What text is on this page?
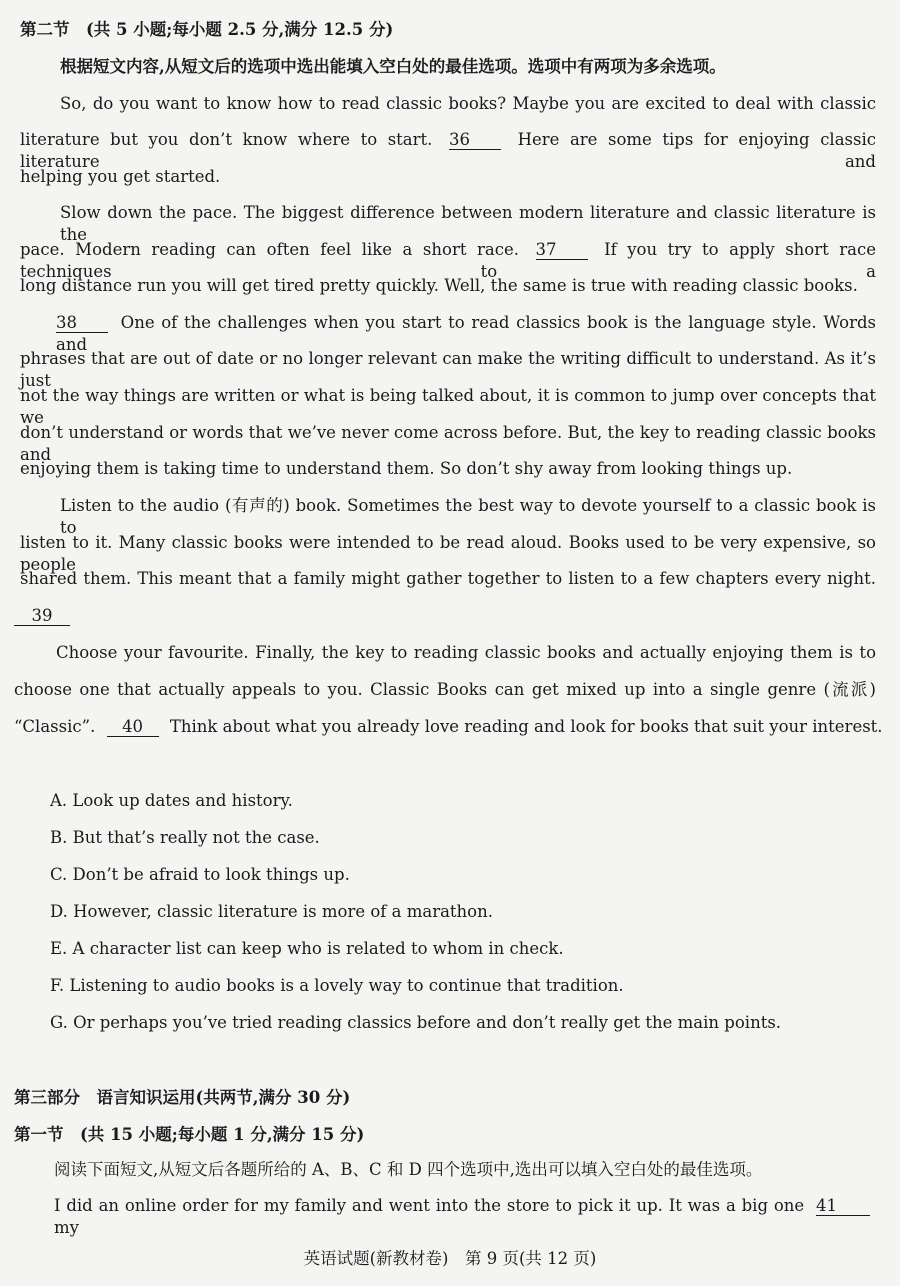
第二节　(共 5 小题;每小题 2.5 分,满分 12.5 分)
根据短文内容,从短文后的选项中选出能填入空白处的最佳选项。选项中有两项为多余选项。
So, do you want to know how to read classic books? Maybe you are excited to deal with classic
literature but you don’t know where to start. 36	Here are some tips for enjoying classic literature and
helping you get started.
Slow down the pace. The biggest difference between modern literature and classic literature is the
pace. Modern reading can often feel like a short race. 37	If you try to apply short race techniques to a
long distance run you will get tired pretty quickly. Well, the same is true with reading classic books.
38	One of the challenges when you start to read classics book is the language style. Words and
phrases that are out of date or no longer relevant can make the writing difficult to understand. As it’s just
not the way things are written or what is being talked about, it is common to jump over concepts that we
don’t understand or words that we’ve never come across before. But, the key to reading classic books and
enjoying them is taking time to understand them. So don’t shy away from looking things up.
Listen to the audio (有声的) book. Sometimes the best way to devote yourself to a classic book is to
listen to it. Many classic books were intended to be read aloud. Books used to be very expensive, so people
shared them. This meant that a family might gather together to listen to a few chapters every night.
39
Choose your favourite. Finally, the key to reading classic books and actually enjoying them is to
choose one that actually appeals to you. Classic Books can get mixed up into a single genre (流派)
“Classic”. 40 Think about what you already love reading and look for books that suit your interest.
A. Look up dates and history.
B. But that’s really not the case.
C. Don’t be afraid to look things up.
D. However, classic literature is more of a marathon.
E. A character list can keep who is related to whom in check.
F. Listening to audio books is a lovely way to continue that tradition.
G. Or perhaps you’ve tried reading classics before and don’t really get the main points.
第三部分　语言知识运用(共两节,满分 30 分)
第一节　(共 15 小题;每小题 1 分,满分 15 分)
阅读下面短文,从短文后各题所给的 A、B、C 和 D 四个选项中,选出可以填入空白处的最佳选项。
I did an online order for my family and went into the store to pick it up. It was a big one 41 my
英语试题(新教材卷)　第 9 页(共 12 页)
